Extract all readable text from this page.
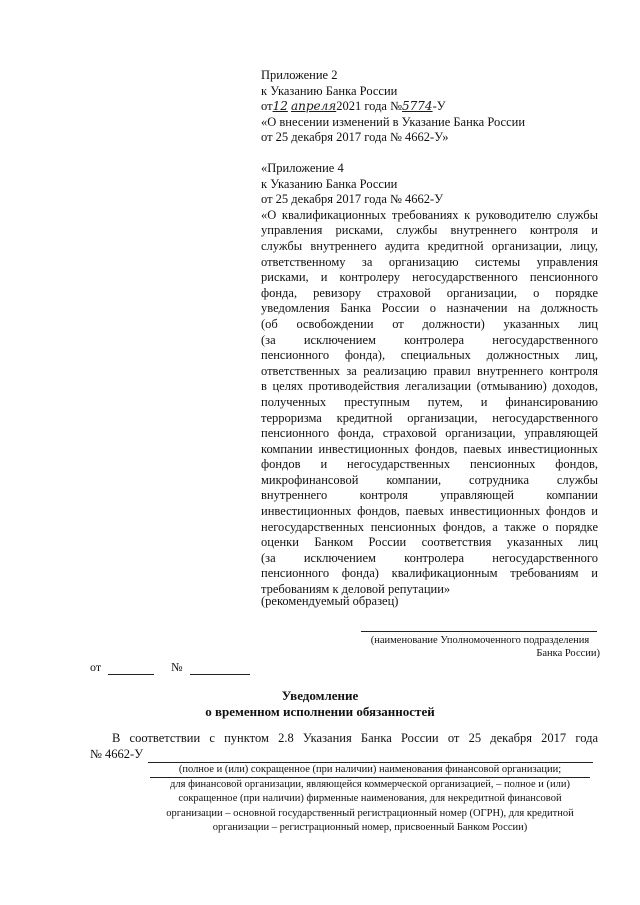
Приложение 2
к Указанию Банка России
от12 апреля2021 года №5774-У
«О внесении изменений в Указание Банка России
от 25 декабря 2017 года № 4662-У»
«Приложение 4
к Указанию Банка России
от 25 декабря 2017 года № 4662-У
«О квалификационных требованиях к руководителю службы
управления рисками, службы внутреннего контроля и
службы внутреннего аудита кредитной организации, лицу,
ответственному за организацию системы управления
рисками, и контролеру негосударственного пенсионного
фонда, ревизору страховой организации, о порядке
уведомления Банка России о назначении на должность
(об освобождении от должности) указанных лиц
(за исключением контролера негосударственного
пенсионного фонда), специальных должностных лиц,
ответственных за реализацию правил внутреннего контроля
в целях противодействия легализации (отмыванию) доходов,
полученных преступным путем, и финансированию
терроризма кредитной организации, негосударственного
пенсионного фонда, страховой организации, управляющей
компании инвестиционных фондов, паевых инвестиционных
фондов и негосударственных пенсионных фондов,
микрофинансовой компании, сотрудника службы
внутреннего контроля управляющей компании
инвестиционных фондов, паевых инвестиционных фондов и
негосударственных пенсионных фондов, а также о порядке
оценки Банком России соответствия указанных лиц
(за исключением контролера негосударственного
пенсионного фонда) квалификационным требованиям и
требованиям к деловой репутации»
(рекомендуемый образец)
(наименование Уполномоченного подразделения
Банка России)
от	№
Уведомление
о временном исполнении обязанностей
В соответствии с пунктом 2.8 Указания Банка России от 25 декабря 2017 года
№ 4662-У
(полное и (или) сокращенное (при наличии) наименования финансовой организации;
для финансовой организации, являющейся коммерческой организацией, – полное и (или)
сокращенное (при наличии) фирменные наименования, для некредитной финансовой
организации – основной государственный регистрационный номер (ОГРН), для кредитной
организации – регистрационный номер, присвоенный Банком России)
